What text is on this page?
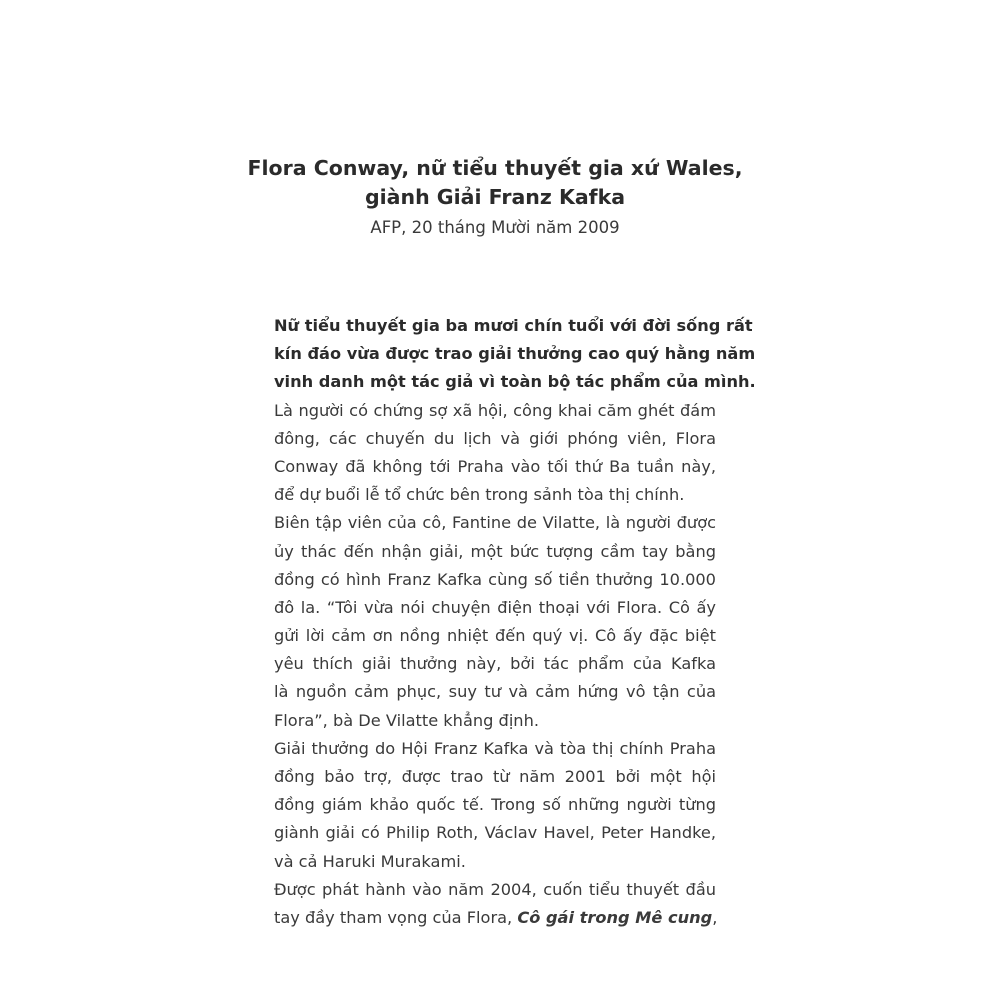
Flora Conway, nữ tiểu thuyết gia xứ Wales,
giành Giải Franz Kafka
AFP, 20 tháng Mười năm 2009
Nữ tiểu thuyết gia ba mươi chín tuổi với đời sống rất
kín đáo vừa được trao giải thưởng cao quý hằng năm
vinh danh một tác giả vì toàn bộ tác phẩm của mình.
Là người có chứng sợ xã hội, công khai căm ghét đám
đông, các chuyến du lịch và giới phóng viên, Flora
Conway đã không tới Praha vào tối thứ Ba tuần này,
để dự buổi lễ tổ chức bên trong sảnh tòa thị chính.
Biên tập viên của cô, Fantine de Vilatte, là người được
ủy thác đến nhận giải, một bức tượng cầm tay bằng
đồng có hình Franz Kafka cùng số tiền thưởng 10.000
đô la. “Tôi vừa nói chuyện điện thoại với Flora. Cô ấy
gửi lời cảm ơn nồng nhiệt đến quý vị. Cô ấy đặc biệt
yêu thích giải thưởng này, bởi tác phẩm của Kafka
là nguồn cảm phục, suy tư và cảm hứng vô tận của
Flora”, bà De Vilatte khẳng định.
Giải thưởng do Hội Franz Kafka và tòa thị chính Praha
đồng bảo trợ, được trao từ năm 2001 bởi một hội
đồng giám khảo quốc tế. Trong số những người từng
giành giải có Philip Roth, Václav Havel, Peter Handke,
và cả Haruki Murakami.
Được phát hành vào năm 2004, cuốn tiểu thuyết đầu
tay đầy tham vọng của Flora, Cô gái trong Mê cung,
